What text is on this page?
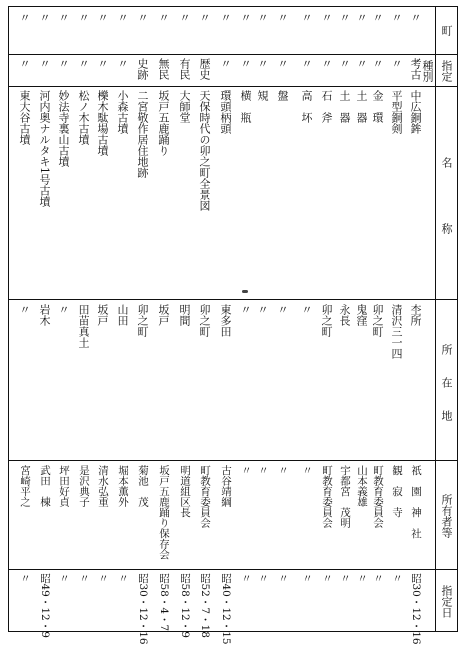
町
指定種別
名　　　　　称
所　　在　　地
所有者等
指定日
〃
考古
中広銅鉾
杢所
祇　園　神　社
昭30・12・16
〃
〃
平型銅剣
清沢三一四
観　寂　寺
〃
〃
〃
金　環
卯之町
町教育委員会
〃
〃
〃
土　器
鬼窪
山本義雄
〃
〃
〃
土　器
永長
宇都宮　茂明
〃
〃
〃
石　斧
卯之町
町教育委員会
〃
〃
〃
高　坏
〃
〃
〃
〃
〃
盤
〃
〃
〃
〃
〃
䂓
〃
〃
〃
〃
〃
横　瓶
〃
〃
〃
〃
〃
環頭柄頭
東多田
古谷靖綱
昭40・12・15
〃
歴史
天保時代の卯之町全景図
卯之町
町教育委員会
昭52・7・18
〃
有民
大師堂
明間
明道組区長
昭58・12・9
〃
無民
坂戸五鹿踊り
坂戸
坂戸五鹿踊り保存会
昭58・4・7
〃
史跡
二宮敬作居住地跡
卯之町
菊池　茂
昭30・12・16
〃
〃
小森古墳
山田
堀本薫外
〃
〃
〃
櫟木駄場古墳
坂戸
清水弘重
〃
〃
〃
松ノ木古墳
田苗真土
是沢典子
〃
〃
〃
妙法寺裏山古墳
〃
坪田好貞
〃
〃
〃
河内奥ナルタキ1号古墳
岩木
武田　棟
昭49・12・9
〃
〃
東大谷古墳
〃
宮崎平之
〃
